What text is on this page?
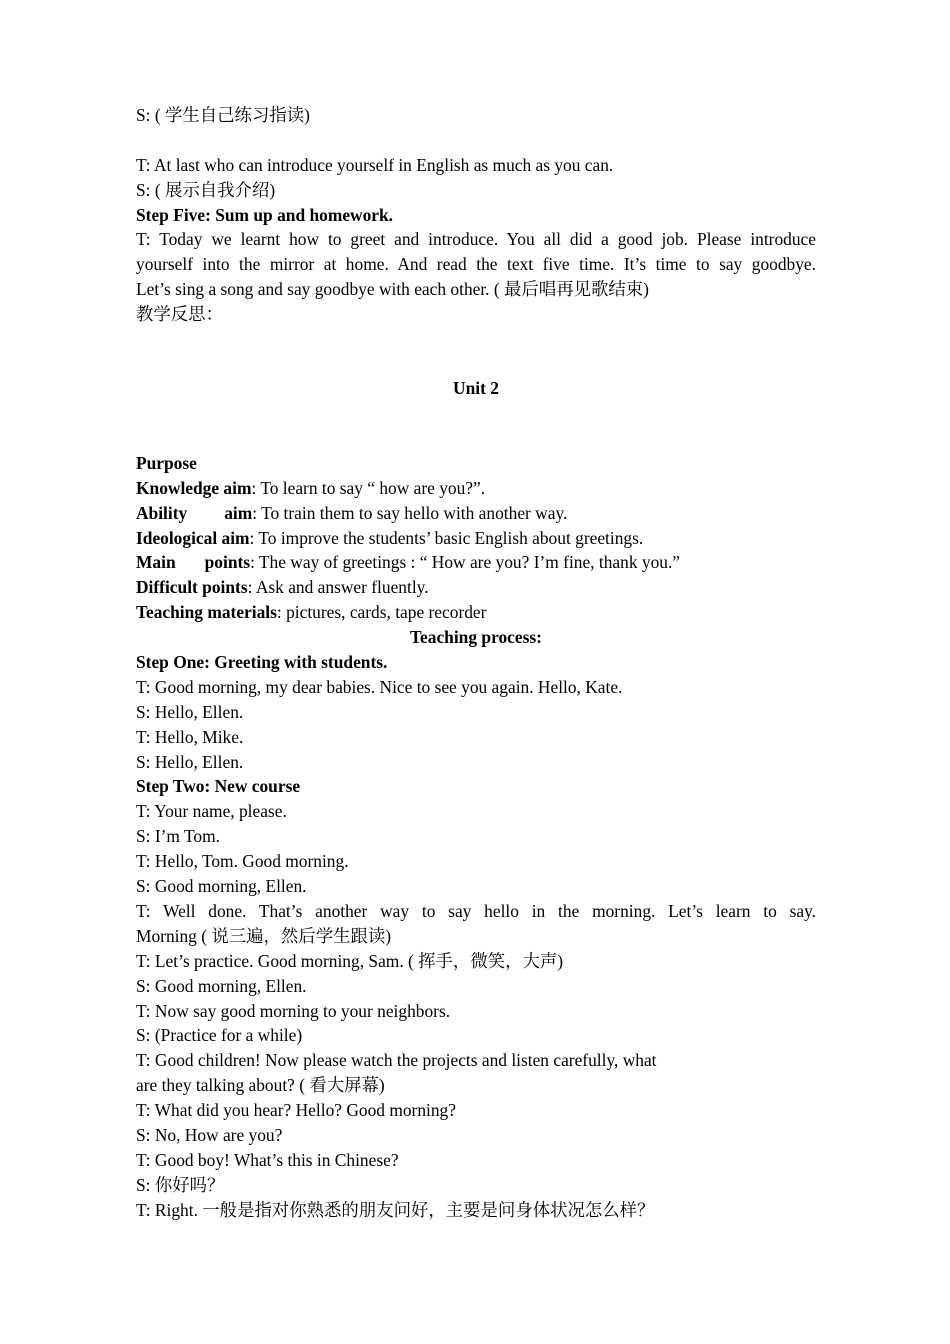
S: ( 学生自己练习指读)
T: At last who can introduce yourself in English as much as you can.
S: ( 展示自我介绍)
Step Five: Sum up and homework.
T: Today we learnt how to greet and introduce. You all did a good job. Please introduce
yourself into the mirror at home. And read the text five time. It’s time to say goodbye.
Let’s sing a song and say goodbye with each other. ( 最后唱再见歌结束)
教学反思：
Unit 2
Purpose
Knowledge aim: To learn to say “ how are you?”.
Ability aim: To train them to say hello with another way.
Ideological aim: To improve the students’ basic English about greetings.
Main points: The way of greetings : “ How are you? I’m fine, thank you.”
Difficult points: Ask and answer fluently.
Teaching materials: pictures, cards, tape recorder
Teaching process:
Step One: Greeting with students.
T: Good morning, my dear babies. Nice to see you again. Hello, Kate.
S: Hello, Ellen.
T: Hello, Mike.
S: Hello, Ellen.
Step Two: New course
T: Your name, please.
S: I’m Tom.
T: Hello, Tom. Good morning.
S: Good morning, Ellen.
T: Well done. That’s another way to say hello in the morning. Let’s learn to say.
Morning ( 说三遍，然后学生跟读)
T: Let’s practice. Good morning, Sam. ( 挥手，微笑，大声)
S: Good morning, Ellen.
T: Now say good morning to your neighbors.
S: (Practice for a while)
T: Good children! Now please watch the projects and listen carefully, what
are they talking about? ( 看大屏幕)
T: What did you hear? Hello? Good morning?
S: No, How are you?
T: Good boy! What’s this in Chinese?
S: 你好吗？
T: Right. 一般是指对你熟悉的朋友问好，主要是问身体状况怎么样？
